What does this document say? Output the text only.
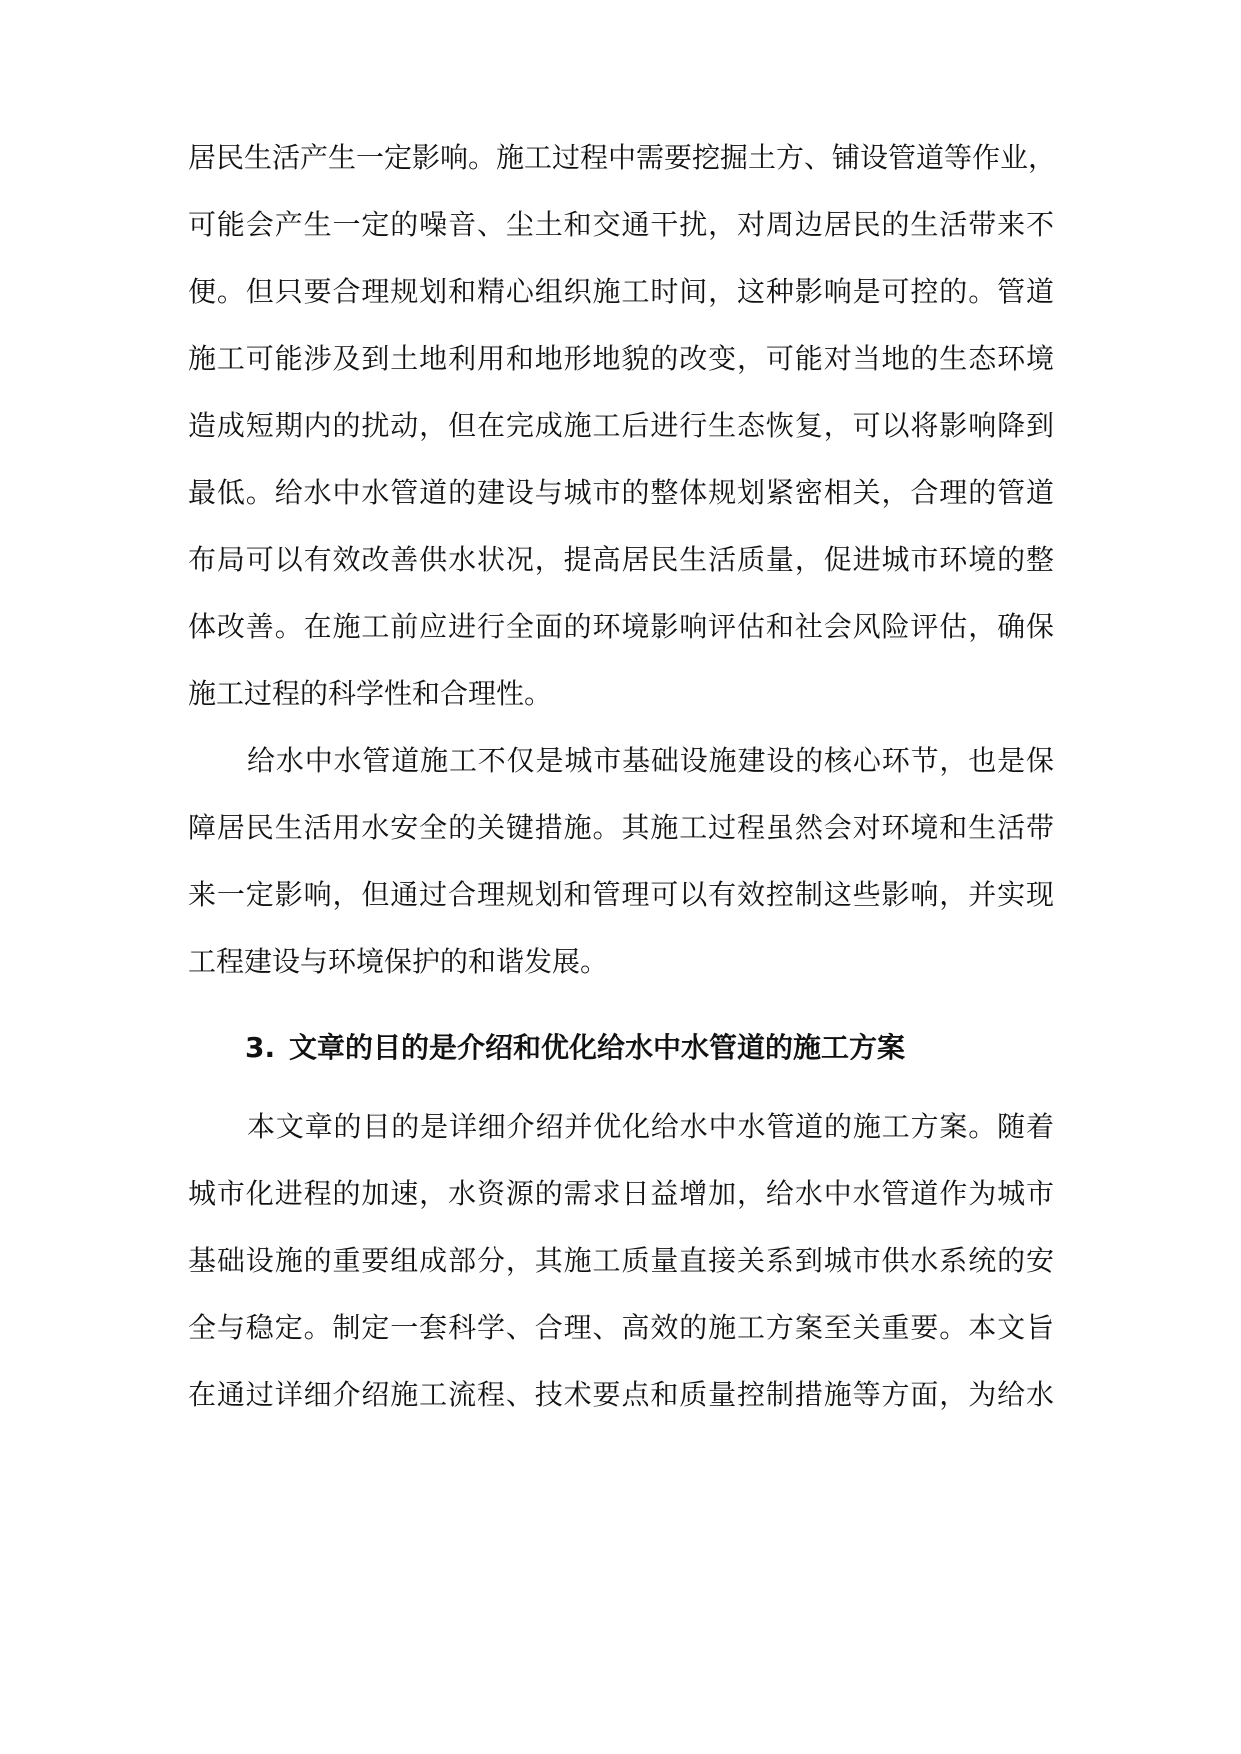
居民生活产生一定影响。施工过程中需要挖掘土方、铺设管道等作业，
可能会产生一定的噪音、尘土和交通干扰，对周边居民的生活带来不
便。但只要合理规划和精心组织施工时间，这种影响是可控的。管道
施工可能涉及到土地利用和地形地貌的改变，可能对当地的生态环境
造成短期内的扰动，但在完成施工后进行生态恢复，可以将影响降到
最低。给水中水管道的建设与城市的整体规划紧密相关，合理的管道
布局可以有效改善供水状况，提高居民生活质量，促进城市环境的整
体改善。在施工前应进行全面的环境影响评估和社会风险评估，确保
施工过程的科学性和合理性。
给水中水管道施工不仅是城市基础设施建设的核心环节，也是保
障居民生活用水安全的关键措施。其施工过程虽然会对环境和生活带
来一定影响，但通过合理规划和管理可以有效控制这些影响，并实现
工程建设与环境保护的和谐发展。
3. 文章的目的是介绍和优化给水中水管道的施工方案
本文章的目的是详细介绍并优化给水中水管道的施工方案。随着
城市化进程的加速，水资源的需求日益增加，给水中水管道作为城市
基础设施的重要组成部分，其施工质量直接关系到城市供水系统的安
全与稳定。制定一套科学、合理、高效的施工方案至关重要。本文旨
在通过详细介绍施工流程、技术要点和质量控制措施等方面，为给水
